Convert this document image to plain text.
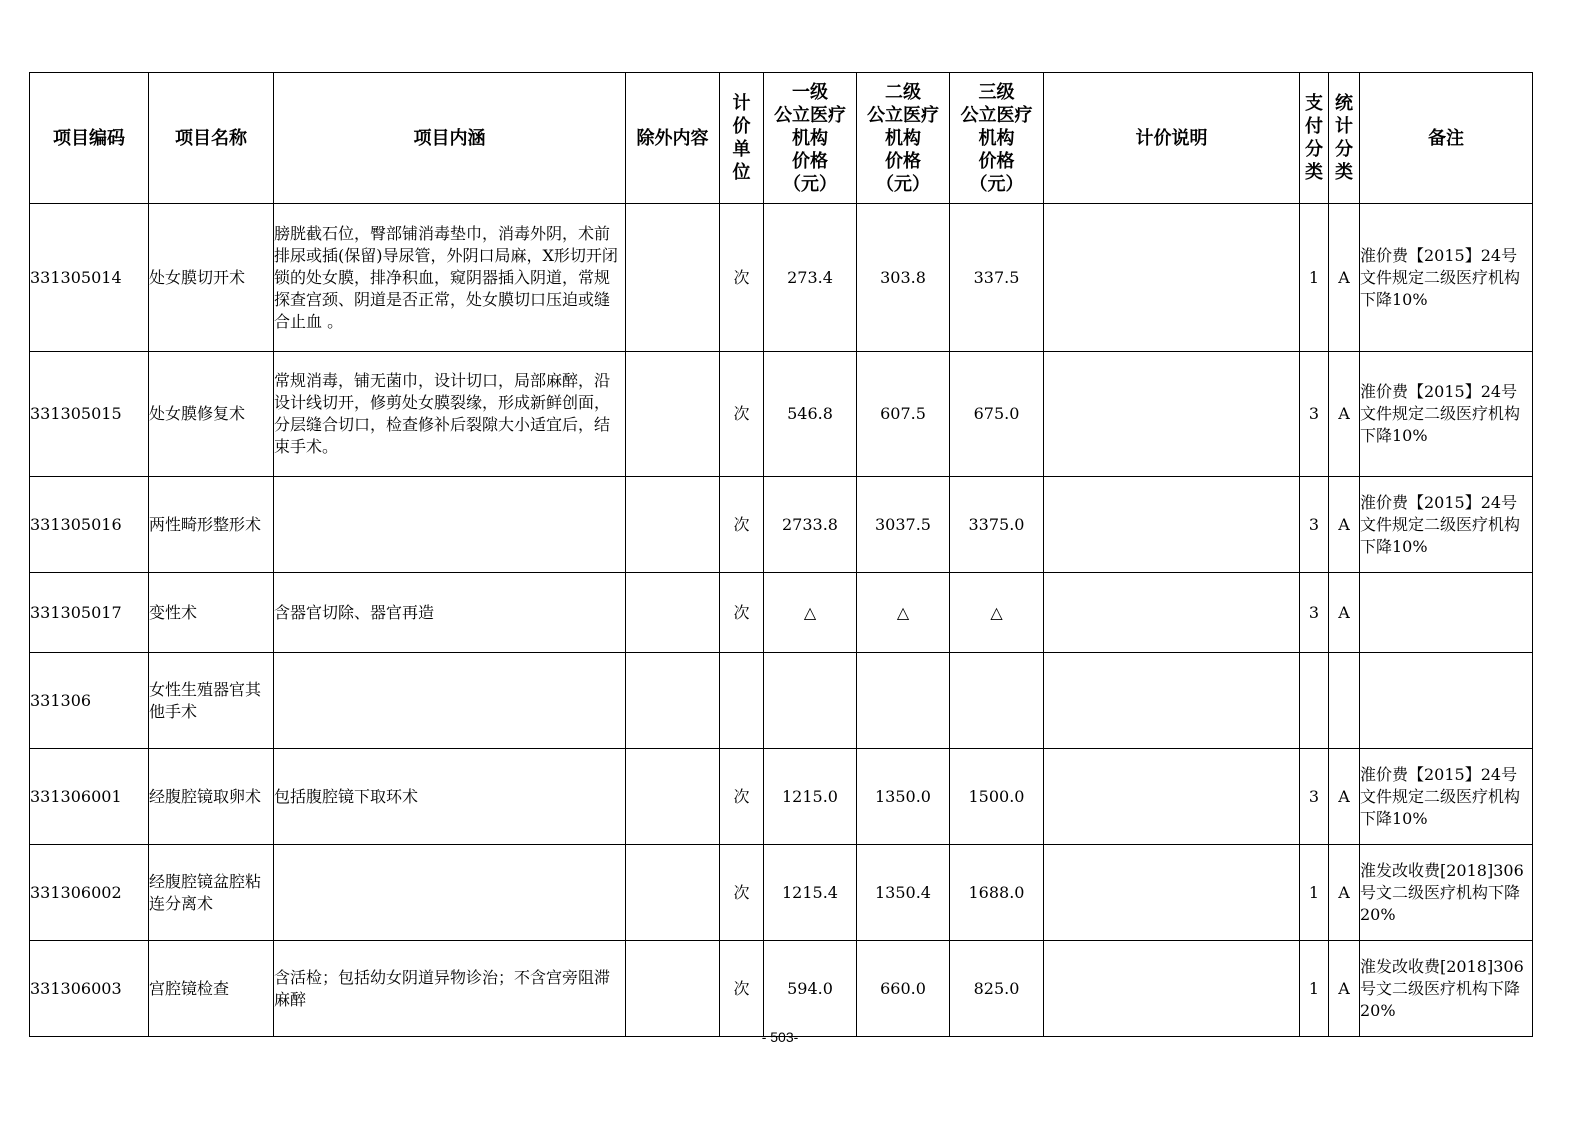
项目编码	项目名称	项目内涵	除外内容	计
价
单
位	一级
公立医疗
机构
价格
（元）	二级
公立医疗
机构
价格
（元）	三级
公立医疗
机构
价格
（元）	计价说明	支
付
分
类	统
计
分
类	备注
331305014	处女膜切开术	膀胱截石位，臀部铺消毒垫巾，消毒外阴，术前排尿或插(保留)导尿管，外阴口局麻，X形切开闭锁的处女膜，排净积血，窥阴器插入阴道，常规探查宫颈、阴道是否正常，处女膜切口压迫或缝合止血 。		次	273.4	303.8	337.5		1	A	淮价费【2015】24号文件规定二级医疗机构下降10%
331305015	处女膜修复术	常规消毒，铺无菌巾，设计切口，局部麻醉，沿设计线切开，修剪处女膜裂缘，形成新鲜创面，分层缝合切口，检查修补后裂隙大小适宜后，结束手术。		次	546.8	607.5	675.0		3	A	淮价费【2015】24号文件规定二级医疗机构下降10%
331305016	两性畸形整形术			次	2733.8	3037.5	3375.0		3	A	淮价费【2015】24号文件规定二级医疗机构下降10%
331305017	变性术	含器官切除、器官再造		次	△	△	△		3	A	
331306	女性生殖器官其他手术										
331306001	经腹腔镜取卵术	包括腹腔镜下取环术		次	1215.0	1350.0	1500.0		3	A	淮价费【2015】24号文件规定二级医疗机构下降10%
331306002	经腹腔镜盆腔粘连分离术			次	1215.4	1350.4	1688.0		1	A	淮发改收费[2018]306号文二级医疗机构下降20%
331306003	宫腔镜检查	含活检；包括幼女阴道异物诊治；不含宫旁阻滞麻醉		次	594.0	660.0	825.0		1	A	淮发改收费[2018]306号文二级医疗机构下降20%
- 503-
